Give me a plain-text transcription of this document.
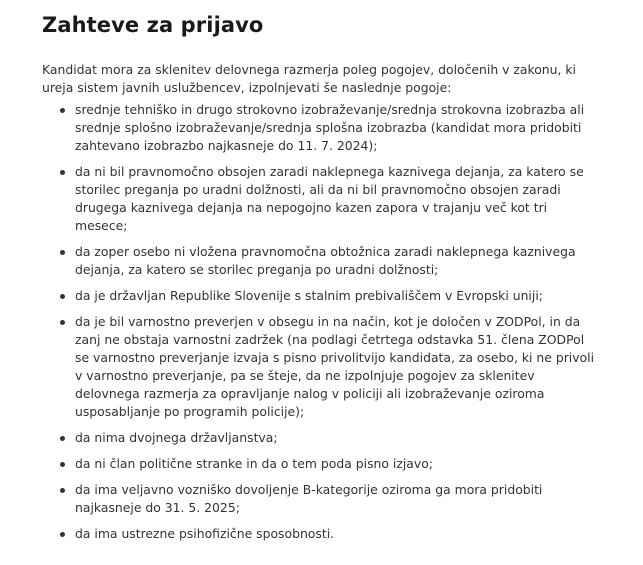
Zahteve za prijavo

Kandidat mora za sklenitev delovnega razmerja poleg pogojev, določenih v zakonu, ki ureja sistem javnih uslužbencev, izpolnjevati še naslednje pogoje:

srednje tehniško in drugo strokovno izobraževanje/srednja strokovna izobrazba ali srednje splošno izobraževanje/srednja splošna izobrazba (kandidat mora pridobiti zahtevano izobrazbo najkasneje do 11. 7. 2024);
da ni bil pravnomočno obsojen zaradi naklepnega kaznivega dejanja, za katero se storilec preganja po uradni dolžnosti, ali da ni bil pravnomočno obsojen zaradi drugega kaznivega dejanja na nepogojno kazen zapora v trajanju več kot tri mesece;
da zoper osebo ni vložena pravnomočna obtožnica zaradi naklepnega kaznivega dejanja, za katero se storilec preganja po uradni dolžnosti;
da je državljan Republike Slovenije s stalnim prebivališčem v Evropski uniji;
da je bil varnostno preverjen v obsegu in na način, kot je določen v ZODPol, in da zanj ne obstaja varnostni zadržek (na podlagi četrtega odstavka 51. člena ZODPol se varnostno preverjanje izvaja s pisno privolitvijo kandidata, za osebo, ki ne privoli v varnostno preverjanje, pa se šteje, da ne izpolnjuje pogojev za sklenitev delovnega razmerja za opravljanje nalog v policiji ali izobraževanje oziroma usposabljanje po programih policije);
da nima dvojnega državljanstva;
da ni član politične stranke in da o tem poda pisno izjavo;
da ima veljavno vozniško dovoljenje B-kategorije oziroma ga mora pridobiti najkasneje do 31. 5. 2025;
da ima ustrezne psihofizične sposobnosti.
